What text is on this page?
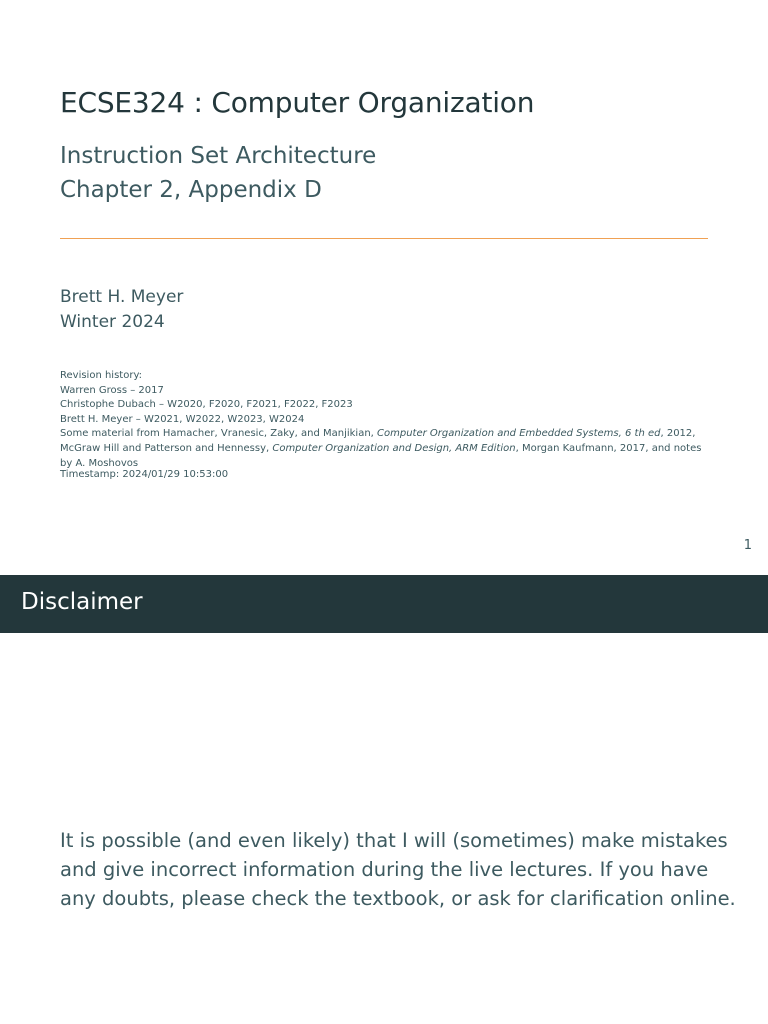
ECSE324 : Computer Organization
Instruction Set Architecture
Chapter 2, Appendix D
Brett H. Meyer
Winter 2024
Revision history:
Warren Gross – 2017
Christophe Dubach – W2020, F2020, F2021, F2022, F2023
Brett H. Meyer – W2021, W2022, W2023, W2024
Some material from Hamacher, Vranesic, Zaky, and Manjikian, Computer Organization and Embedded Systems, 6 th ed, 2012, McGraw Hill and Patterson and Hennessy, Computer Organization and Design, ARM Edition, Morgan Kaufmann, 2017, and notes by A. Moshovos
Timestamp: 2024/01/29 10:53:00
1
Disclaimer
It is possible (and even likely) that I will (sometimes) make mistakes and give incorrect information during the live lectures. If you have any doubts, please check the textbook, or ask for clarification online.
